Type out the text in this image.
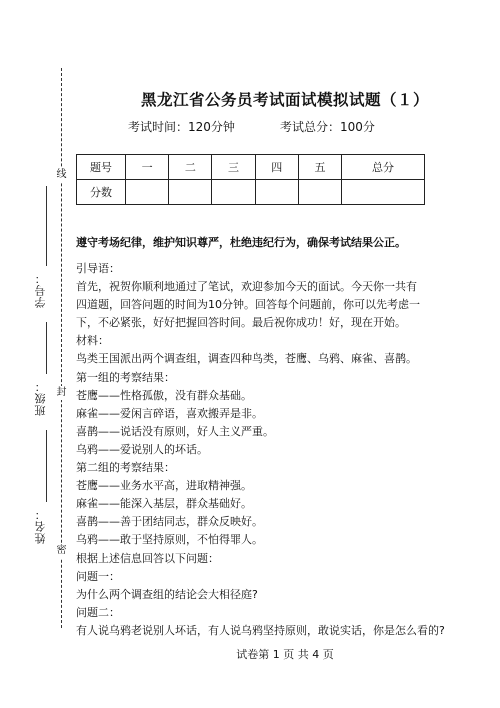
线
封
密
学号：
班级：
姓名：
黑龙江省公务员考试面试模拟试题（１）
考试时间：120分钟	考试总分：100分
题号	一	二	三	四	五	总分
分数						
遵守考场纪律，维护知识尊严，杜绝违纪行为，确保考试结果公正。

引导语：

首先，祝贺你顺利地通过了笔试，欢迎参加今天的面试。今天你一共有四道题，回答问题的时间为10分钟。回答每个问题前，你可以先考虑一下，不必紧张，好好把握回答时间。最后祝你成功！好，现在开始。

材料：

鸟类王国派出两个调查组，调查四种鸟类，苍鹰、乌鸦、麻雀、喜鹊。

第一组的考察结果：

苍鹰——性格孤傲，没有群众基础。

麻雀——爱闲言碎语，喜欢搬弄是非。

喜鹊——说话没有原则，好人主义严重。

乌鸦——爱说别人的坏话。

第二组的考察结果：

苍鹰——业务水平高，进取精神强。

麻雀——能深入基层，群众基础好。

喜鹊——善于团结同志，群众反映好。

乌鸦——敢于坚持原则，不怕得罪人。

根据上述信息回答以下问题：

问题一：

为什么两个调查组的结论会大相径庭?

问题二：

有人说乌鸦老说别人坏话，有人说乌鸦坚持原则，敢说实话，你是怎么看的?

试卷第 1 页 共 4 页
